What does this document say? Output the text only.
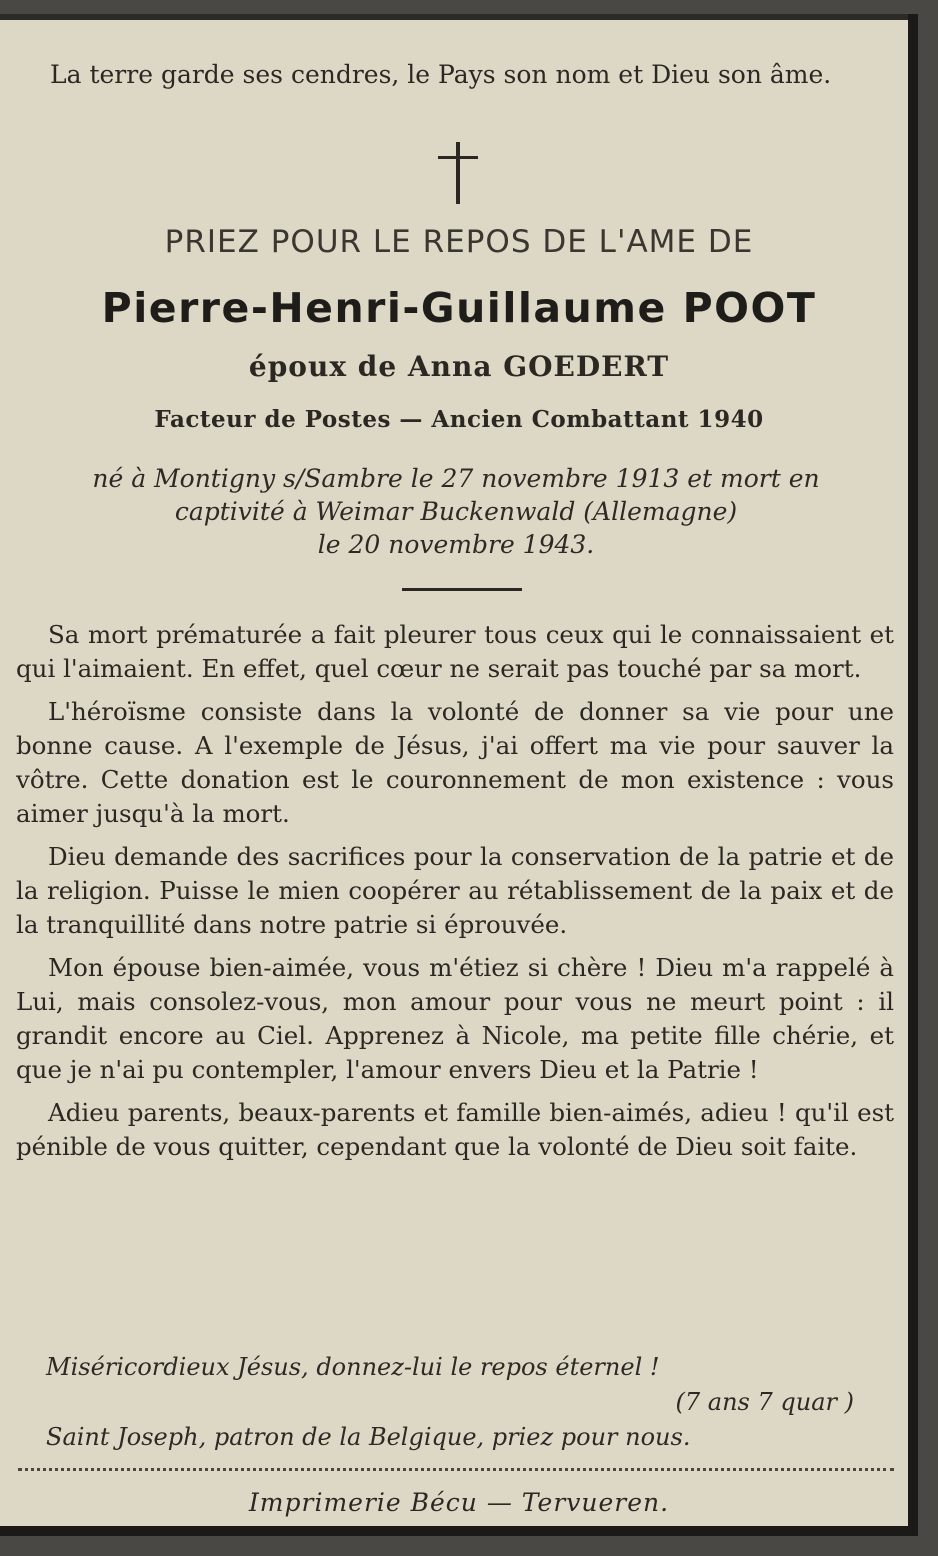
La terre garde ses cendres, le Pays son nom et Dieu son âme.
PRIEZ POUR LE REPOS DE L'AME DE
Pierre-Henri-Guillaume POOT
époux de Anna GOEDERT
Facteur de Postes — Ancien Combattant 1940
né à Montigny s/Sambre le 27 novembre 1913 et mort en
captivité à Weimar Buckenwald (Allemagne)
le 20 novembre 1943.

Sa mort prématurée a fait pleurer tous ceux qui le connaissaient et qui l'aimaient. En effet, quel cœur ne serait pas touché par sa mort.

L'héroïsme consiste dans la volonté de donner sa vie pour une bonne cause. A l'exemple de Jésus, j'ai offert ma vie pour sauver la vôtre. Cette donation est le couronnement de mon existence : vous aimer jusqu'à la mort.

Dieu demande des sacrifices pour la conservation de la patrie et de la religion. Puisse le mien coopérer au rétablissement de la paix et de la tranquillité dans notre patrie si éprouvée.

Mon épouse bien-aimée, vous m'étiez si chère ! Dieu m'a rappelé à Lui, mais consolez-vous, mon amour pour vous ne meurt point : il grandit encore au Ciel. Apprenez à Nicole, ma petite fille chérie, et que je n'ai pu contempler, l'amour envers Dieu et la Patrie !

Adieu parents, beaux-parents et famille bien-aimés, adieu ! qu'il est pénible de vous quitter, cependant que la volonté de Dieu soit faite.

Miséricordieux Jésus, donnez-lui le repos éternel !
(7 ans 7 quar )
Saint Joseph, patron de la Belgique, priez pour nous.
Imprimerie Bécu — Tervueren.
